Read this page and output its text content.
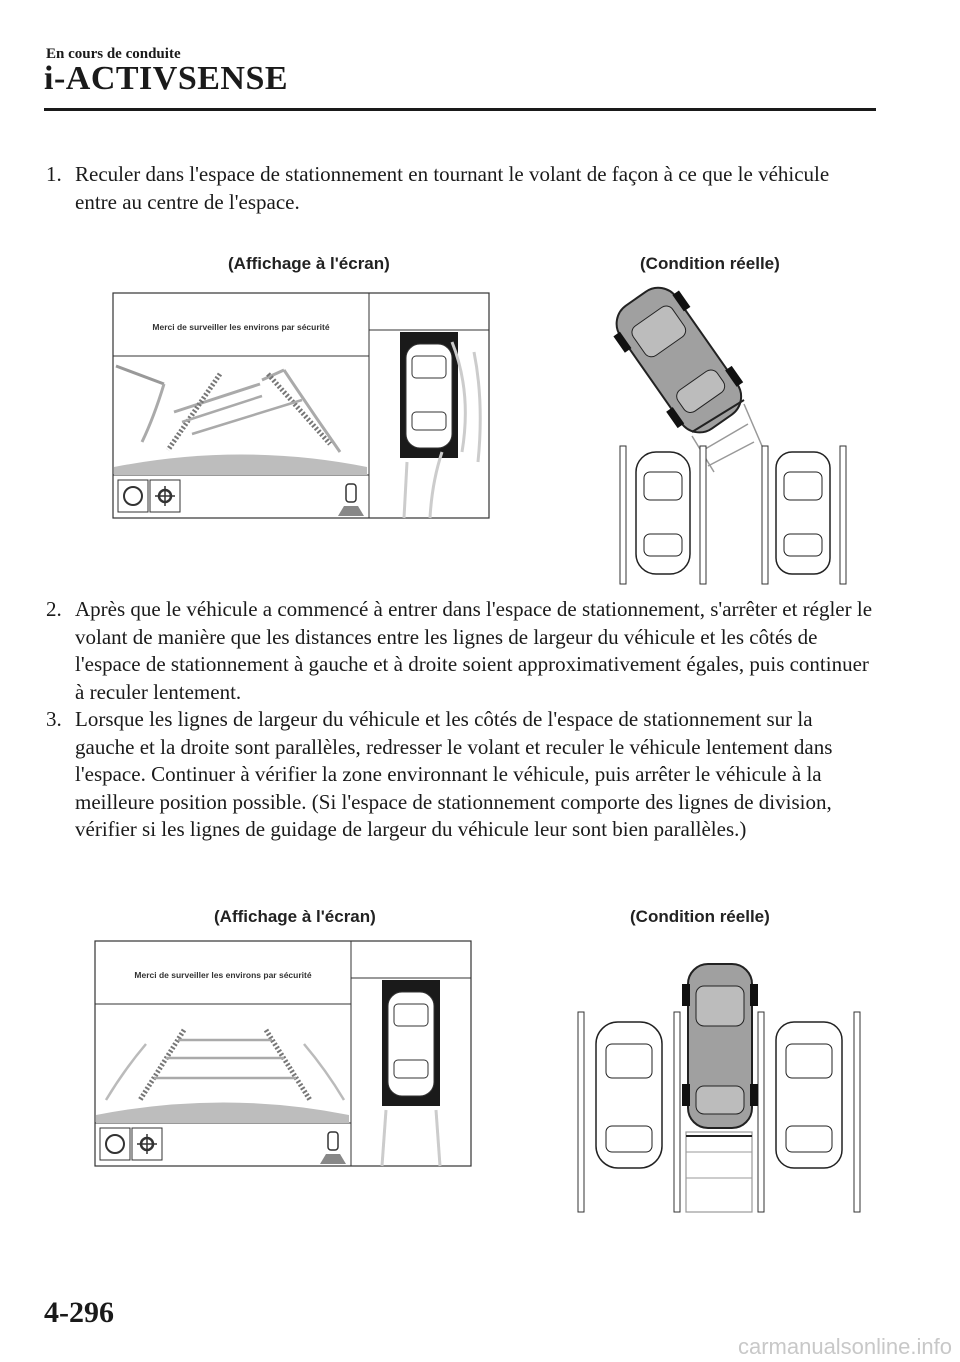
En cours de conduite
i-ACTIVSENSE
1. Reculer dans l'espace de stationnement en tournant le volant de façon à ce que le véhicule entre au centre de l'espace.
(Affichage à l'écran)	(Condition réelle)
Merci de surveiller les environs par sécurité
2. Après que le véhicule a commencé à entrer dans l'espace de stationnement, s'arrêter et régler le volant de manière que les distances entre les lignes de largeur du véhicule et les côtés de l'espace de stationnement à gauche et à droite soient approximativement égales, puis continuer à reculer lentement.
3. Lorsque les lignes de largeur du véhicule et les côtés de l'espace de stationnement sur la gauche et la droite sont parallèles, redresser le volant et reculer le véhicule lentement dans l'espace. Continuer à vérifier la zone environnant le véhicule, puis arrêter le véhicule à la meilleure position possible. (Si l'espace de stationnement comporte des lignes de division, vérifier si les lignes de guidage de largeur du véhicule leur sont bien parallèles.)
(Affichage à l'écran)	(Condition réelle)
Merci de surveiller les environs par sécurité
4-296
carmanualsonline.info
